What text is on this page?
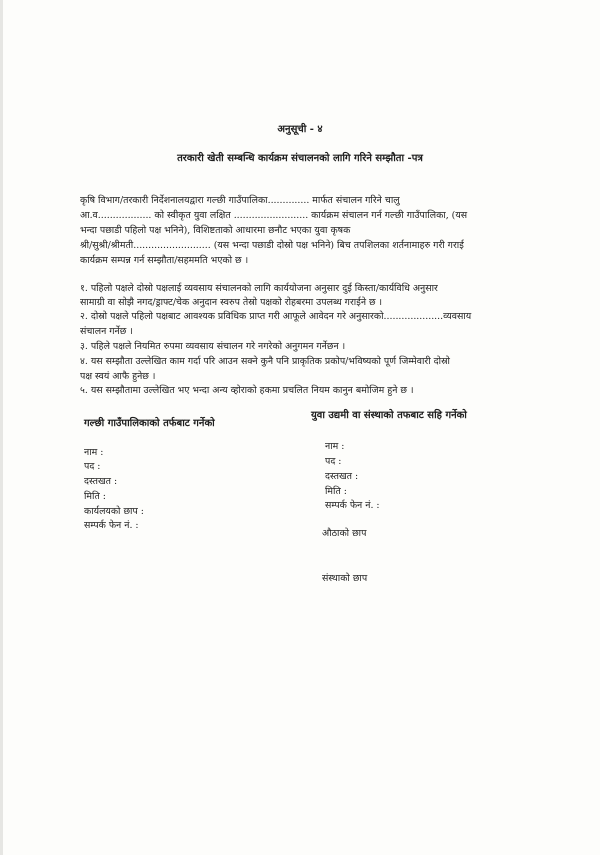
अनुसूची - ४
तरकारी खेती सम्बन्धि कार्यक्रम संचालनको लागि गरिने सम्झौता -पत्र
कृषि विभाग/तरकारी निर्देशनालयद्वारा गल्छी गाउँपालिका.............. मार्फत संचालन गरिने चालु
आ.व.................. को स्वीकृत युवा लक्षित ......................... कार्यक्रम संचालन गर्न गल्छी गाउँपालिका, (यस
भन्दा पछाडी पहिलो पक्ष भनिने), विशिष्टताको आधारमा छनौट भएका युवा कृषक
श्री/सुश्री/श्रीमती.......................... (यस भन्दा पछाडी दोस्रो पक्ष भनिने) बिच तपशिलका शर्तनामाहरु गरी गराई
कार्यक्रम सम्पन्न गर्न सम्झौता/सहममति भएको छ ।
१. पहिलो पक्षले दोस्रो पक्षलाई व्यवसाय संचालनको लागि कार्ययोजना अनुसार दुई किस्ता/कार्यविधि अनुसार
सामाग्री वा सोझै नगद/ड्राफ्ट/चेक अनुदान स्वरुप तेस्रो पक्षको रोहबरमा उपलब्ध गराईने छ ।
२. दोस्रो पक्षले पहिलो पक्षबाट आवश्यक प्रविधिक प्राप्त गरी आफूले आवेदन गरे अनुसारको....................व्यवसाय
संचालन गर्नेछ ।
३. पहिले पक्षले नियमित रुपमा व्यवसाय संचालन गरे नगरेको अनुगमन गर्नेछन ।
४. यस सम्झौता उल्लेखित काम गर्दा परि आउन सक्ने कुनै पनि प्राकृतिक प्रकोप/भविष्यको पूर्ण जिम्मेवारी दोस्रो
पक्ष स्वयं आफै हुनेछ ।
५. यस सम्झौतामा उल्लेखित भए भन्दा अन्य व्होराको हकमा प्रचलित नियम कानुन बमोजिम हुने छ ।
गल्छी गाउँपालिकाको तर्फबाट गर्नेको
नाम :
पद :
दस्तखत :
मिति :
कार्यलयको छाप :
सम्पर्क फेन नं. :
युवा उद्यमी वा संस्थाको तफबाट सहि गर्नेको
नाम :
पद :
दस्तखत :
मिति :
सम्पर्क फेन नं. :
औठाको छाप
संस्थाको छाप
